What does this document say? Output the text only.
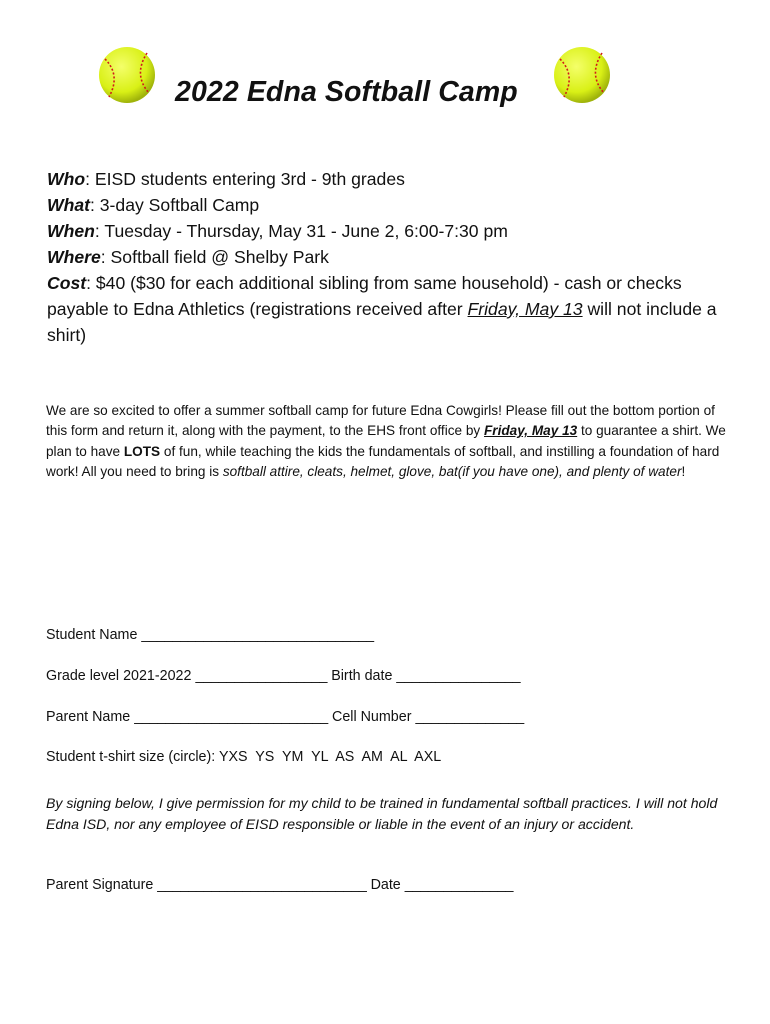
2022 Edna Softball Camp
Who: EISD students entering 3rd - 9th grades
What: 3-day Softball Camp
When: Tuesday - Thursday, May 31 - June 2, 6:00-7:30 pm
Where: Softball field @ Shelby Park
Cost: $40 ($30 for each additional sibling from same household) - cash or checks payable to Edna Athletics (registrations received after Friday, May 13 will not include a shirt)
We are so excited to offer a summer softball camp for future Edna Cowgirls! Please fill out the bottom portion of this form and return it, along with the payment, to the EHS front office by Friday, May 13 to guarantee a shirt. We plan to have LOTS of fun, while teaching the kids the fundamentals of softball, and instilling a foundation of hard work! All you need to bring is softball attire, cleats, helmet, glove, bat(if you have one), and plenty of water!
Student Name ______________________________
Grade level 2021-2022 _________________ Birth date ________________
Parent Name _________________________ Cell Number ______________
Student t-shirt size (circle): YXS  YS  YM  YL  AS  AM  AL  AXL
By signing below, I give permission for my child to be trained in fundamental softball practices. I will not hold Edna ISD, nor any employee of EISD responsible or liable in the event of an injury or accident.
Parent Signature ___________________________ Date ______________
